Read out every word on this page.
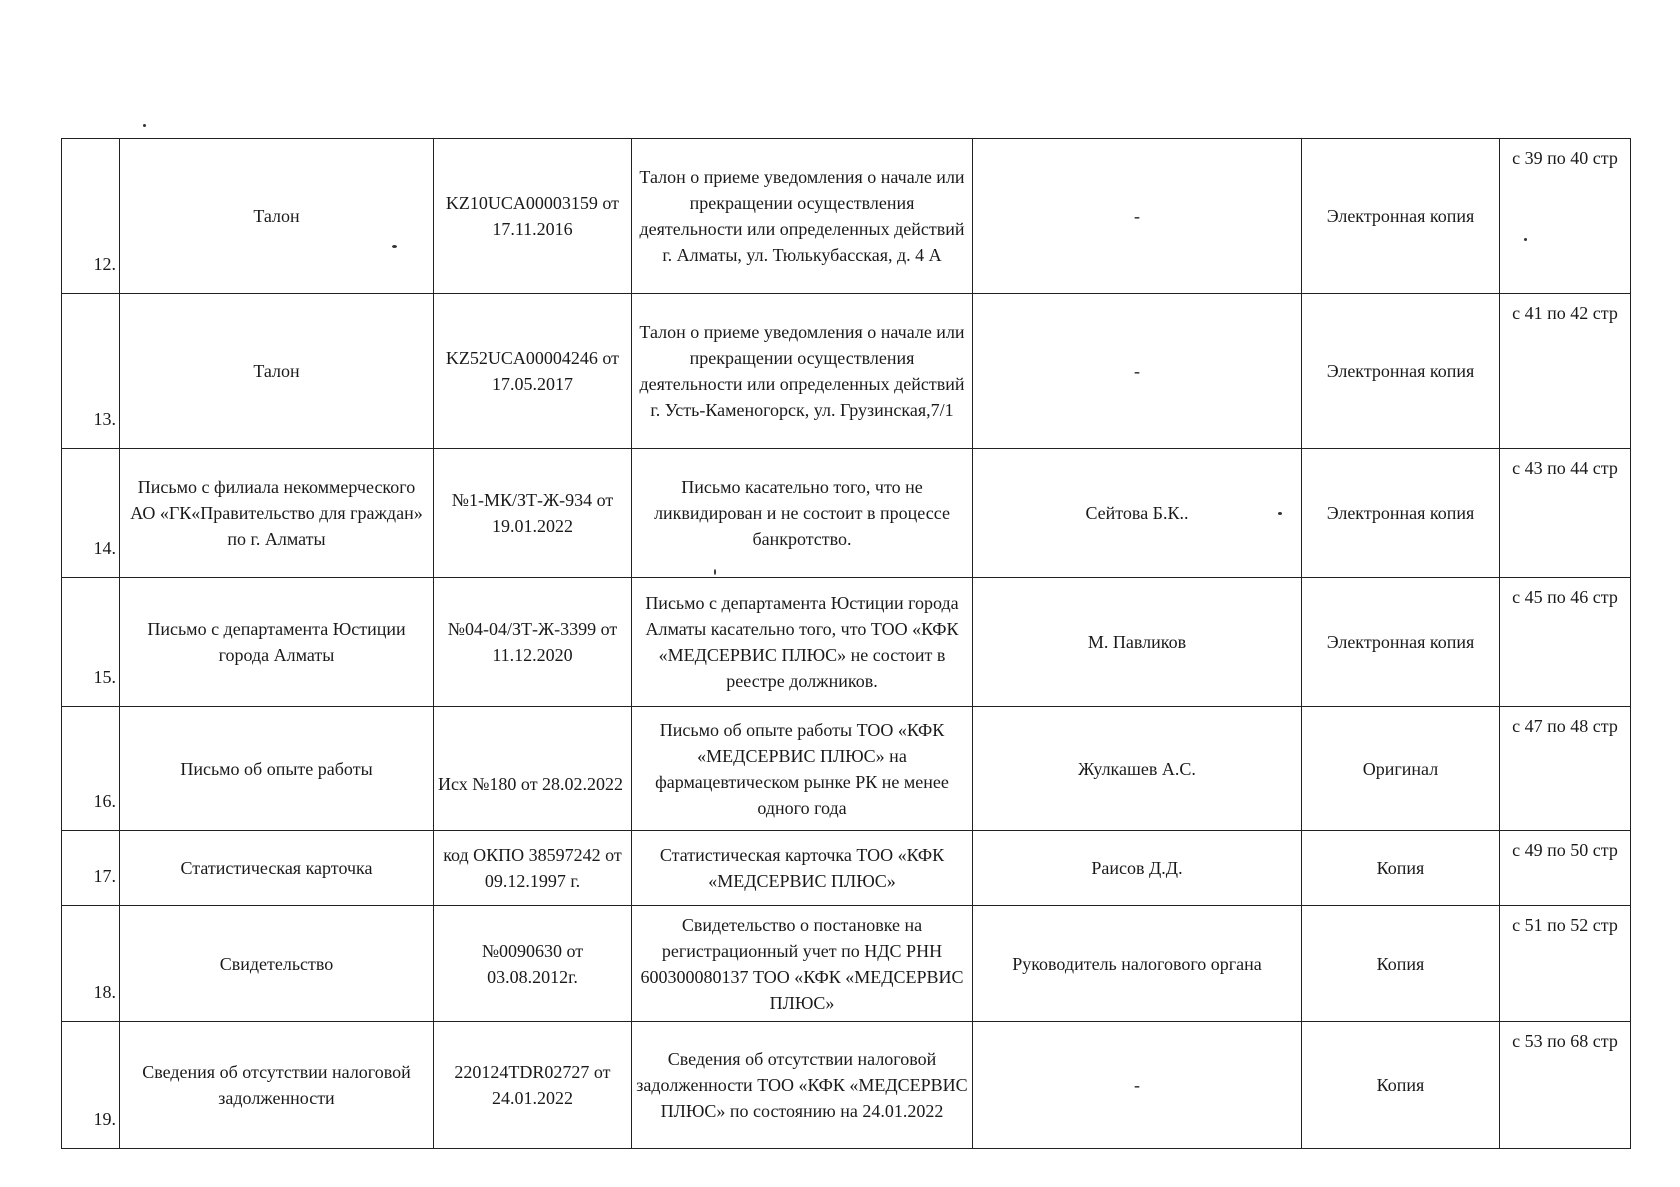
12.	Талон	KZ10UCA00003159 от 17.11.2016	Талон о приеме уведомления о начале или прекращении осуществления деятельности или определенных действий г. Алматы, ул. Тюлькубасская, д. 4 А	-	Электронная копия	с 39 по 40 стр
13.	Талон	KZ52UCA00004246 от 17.05.2017	Талон о приеме уведомления о начале или прекращении осуществления деятельности или определенных действий г. Усть-Каменогорск, ул. Грузинская,7/1	-	Электронная копия	с 41 по 42 стр
14.	Письмо с филиала некоммерческого АО «ГК«Правительство для граждан» по г. Алматы	№1-МК/ЗТ-Ж-934 от 19.01.2022	Письмо касательно того, что не ликвидирован и не состоит в процессе банкротство.	Сейтова Б.К..	Электронная копия	с 43 по 44 стр
15.	Письмо с департамента Юстиции города Алматы	№04-04/ЗТ-Ж-3399 от 11.12.2020	Письмо с департамента Юстиции города Алматы касательно того, что ТОО «КФК «МЕДСЕРВИС ПЛЮС» не состоит в реестре должников.	М. Павликов	Электронная копия	с 45 по 46 стр
16.	Письмо об опыте работы	Исх №180 от 28.02.2022	Письмо об опыте работы ТОО «КФК «МЕДСЕРВИС ПЛЮС» на фармацевтическом рынке РК не менее одного года	Жулкашев А.С.	Оригинал	с 47 по 48 стр
17.	Статистическая карточка	код ОКПО 38597242 от 09.12.1997 г.	Статистическая карточка ТОО «КФК «МЕДСЕРВИС ПЛЮС»	Раисов Д.Д.	Копия	с 49 по 50 стр
18.	Свидетельство	№0090630 от 03.08.2012г.	Свидетельство о постановке на регистрационный учет по НДС РНН 600300080137 ТОО «КФК «МЕДСЕРВИС ПЛЮС»	Руководитель налогового органа	Копия	с 51 по 52 стр
19.	Сведения об отсутствии налоговой задолженности	220124TDR02727 от 24.01.2022	Сведения об отсутствии налоговой задолженности ТОО «КФК «МЕДСЕРВИС ПЛЮС» по состоянию на 24.01.2022	-	Копия	с 53 по 68 стр
